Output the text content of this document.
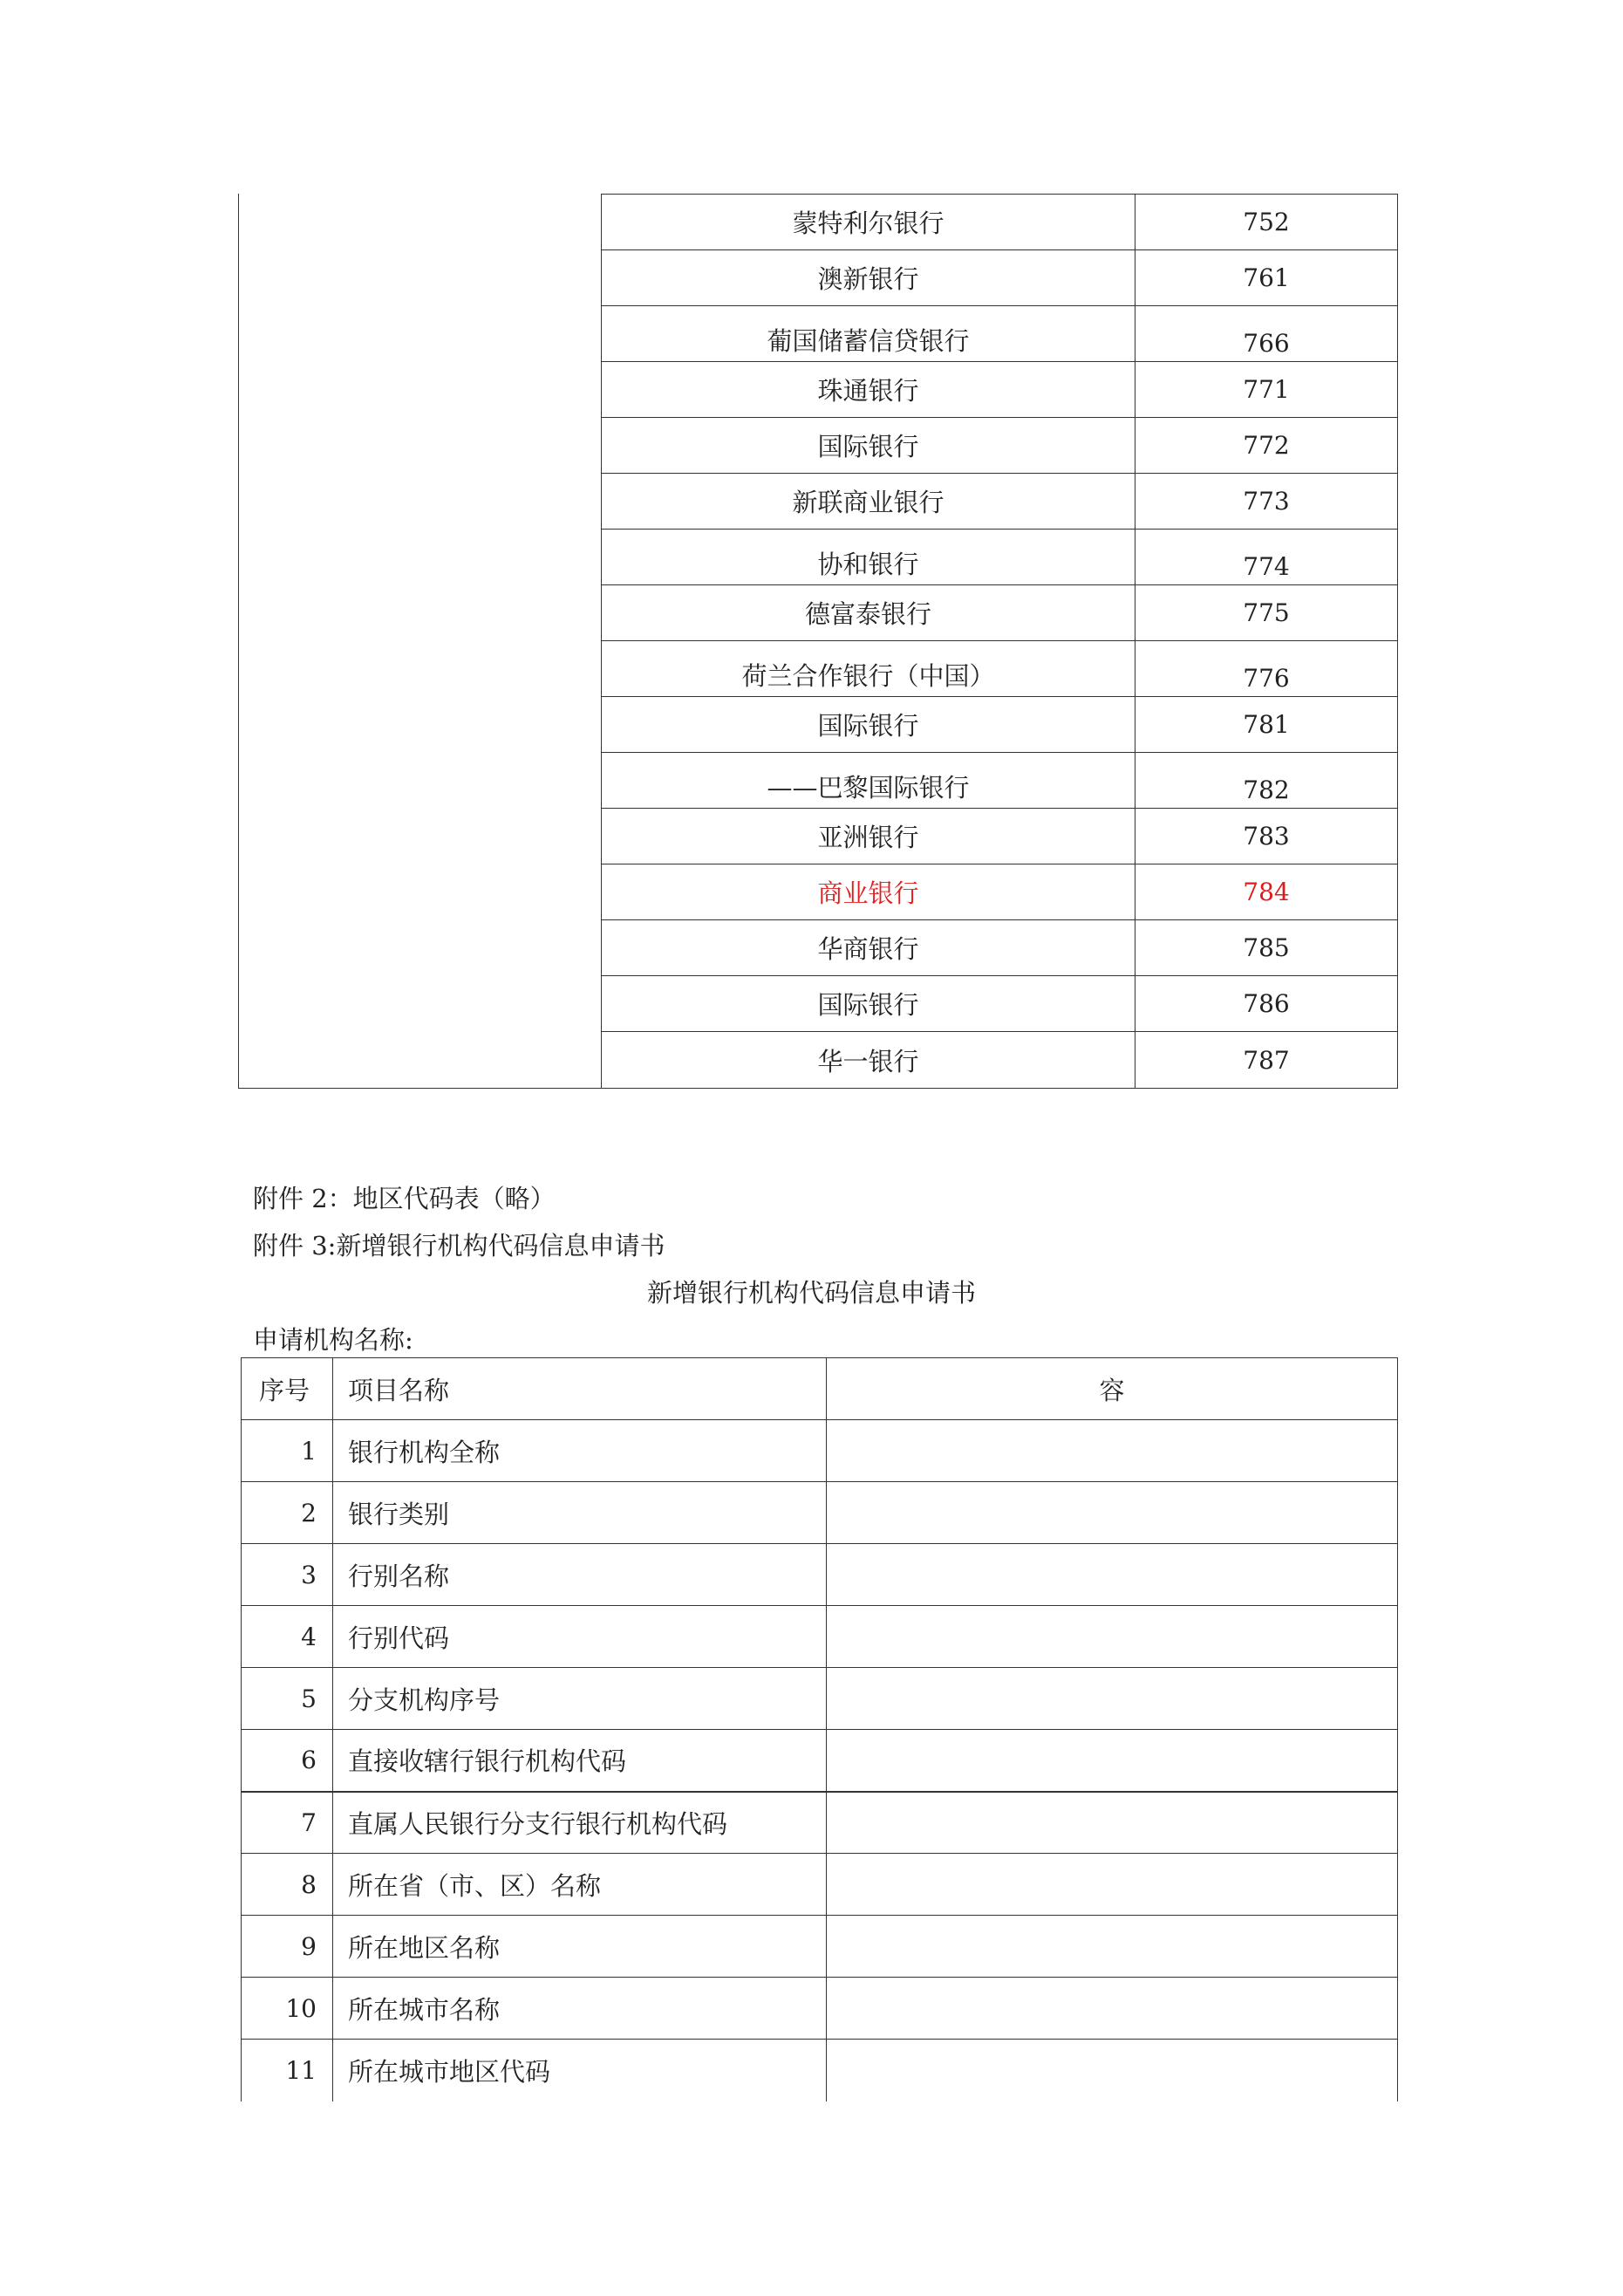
蒙特利尔银行	752
澳新银行	761
葡国储蓄信贷银行	766
珠通银行	771
国际银行	772
新联商业银行	773
协和银行	774
德富泰银行	775
荷兰合作银行（中国）	776
国际银行	781
——巴黎国际银行	782
亚洲银行	783
商业银行	784
华商银行	785
国际银行	786
华一银行	787
附件 2：地区代码表（略）
附件 3:新增银行机构代码信息申请书
新增银行机构代码信息申请书
申请机构名称:
序号	项目名称	容
1	银行机构全称	
2	银行类别	
3	行别名称	
4	行别代码	
5	分支机构序号	
6	直接收辖行银行机构代码	
7	直属人民银行分支行银行机构代码	
8	所在省（市、区）名称	
9	所在地区名称	
10	所在城市名称	
11	所在城市地区代码	
